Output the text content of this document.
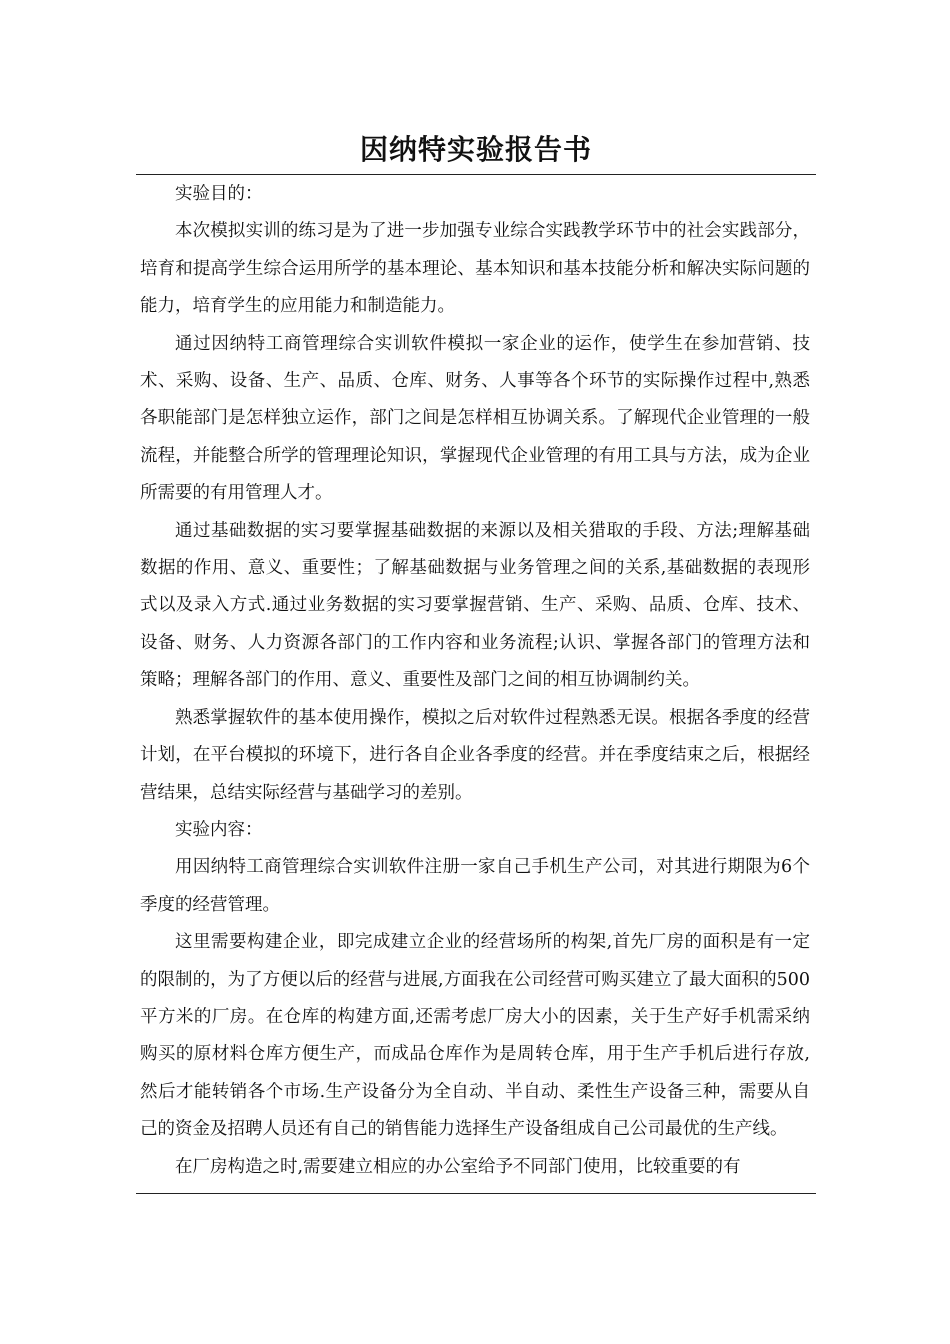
因纳特实验报告书

实验目的：

本次模拟实训的练习是为了进一步加强专业综合实践教学环节中的社会实践部分，培育和提高学生综合运用所学的基本理论、基本知识和基本技能分析和解决实际问题的能力，培育学生的应用能力和制造能力。

通过因纳特工商管理综合实训软件模拟一家企业的运作，使学生在参加营销、技术、采购、设备、生产、品质、仓库、财务、人事等各个环节的实际操作过程中,熟悉各职能部门是怎样独立运作，部门之间是怎样相互协调关系。了解现代企业管理的一般流程，并能整合所学的管理理论知识，掌握现代企业管理的有用工具与方法，成为企业所需要的有用管理人才。

通过基础数据的实习要掌握基础数据的来源以及相关猎取的手段、方法;理解基础数据的作用、意义、重要性；了解基础数据与业务管理之间的关系,基础数据的表现形式以及录入方式.通过业务数据的实习要掌握营销、生产、采购、品质、仓库、技术、设备、财务、人力资源各部门的工作内容和业务流程;认识、掌握各部门的管理方法和策略；理解各部门的作用、意义、重要性及部门之间的相互协调制约关。

熟悉掌握软件的基本使用操作，模拟之后对软件过程熟悉无误。根据各季度的经营计划，在平台模拟的环境下，进行各自企业各季度的经营。并在季度结束之后，根据经营结果，总结实际经营与基础学习的差别。

实验内容：

用因纳特工商管理综合实训软件注册一家自己手机生产公司，对其进行期限为6个季度的经营管理。

这里需要构建企业，即完成建立企业的经营场所的构架,首先厂房的面积是有一定的限制的，为了方便以后的经营与进展,方面我在公司经营可购买建立了最大面积的500平方米的厂房。在仓库的构建方面,还需考虑厂房大小的因素，关于生产好手机需采纳购买的原材料仓库方便生产，而成品仓库作为是周转仓库，用于生产手机后进行存放,然后才能转销各个市场.生产设备分为全自动、半自动、柔性生产设备三种，需要从自己的资金及招聘人员还有自己的销售能力选择生产设备组成自己公司最优的生产线。

在厂房构造之时,需要建立相应的办公室给予不同部门使用，比较重要的有
